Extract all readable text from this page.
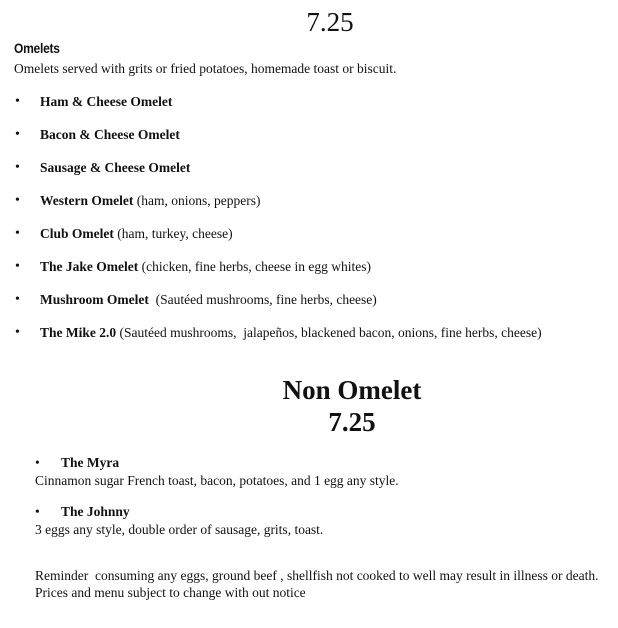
7.25
Omelets
Omelets served with grits or fried potatoes, homemade toast or biscuit.
• Ham & Cheese Omelet
• Bacon & Cheese Omelet
• Sausage & Cheese Omelet
• Western Omelet (ham, onions, peppers)
• Club Omelet (ham, turkey, cheese)
• The Jake Omelet (chicken, fine herbs, cheese in egg whites)
• Mushroom Omelet  (Sautéed mushrooms, fine herbs, cheese)
• The Mike 2.0 (Sautéed mushrooms,  jalapeños, blackened bacon, onions, fine herbs, cheese)
Non Omelet
7.25
• The Myra
Cinnamon sugar French toast, bacon, potatoes, and 1 egg any style.
• The Johnny
3 eggs any style, double order of sausage, grits, toast.
Reminder  consuming any eggs, ground beef , shellfish not cooked to well may result in illness or death.
Prices and menu subject to change with out notice
